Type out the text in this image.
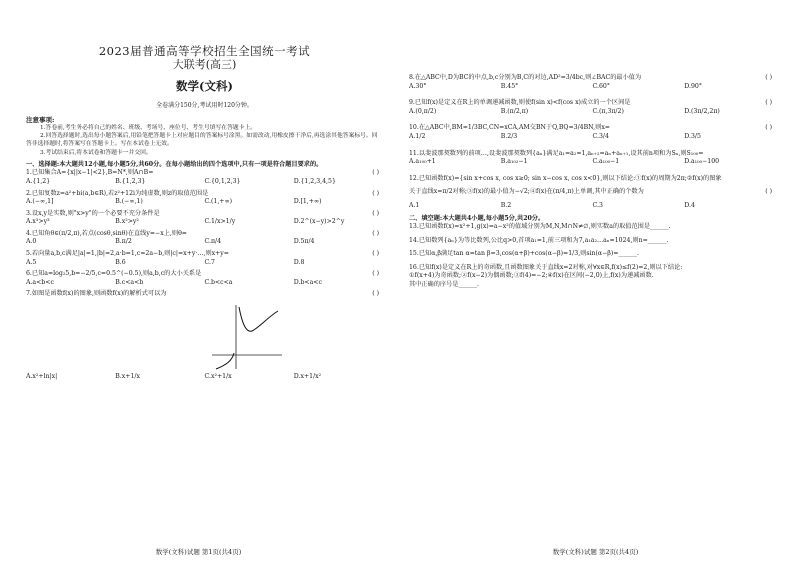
2023届普通高等学校招生全国统一考试
大联考(高三)
数学(文科)
全卷满分150分,考试用时120分钟。
注意事项:
1.答卷前,考生务必将自己的姓名、班级、考场号、座位号、考生号填写在答题卡上。
2.回答选择题时,选出每小题答案后,用铅笔把答题卡上对应题目的答案标号涂黑。如需改动,用橡皮擦干净后,再选涂其他答案标号。回答非选择题时,将答案写在答题卡上。写在本试卷上无效。
3.考试结束后,将本试卷和答题卡一并交回。
一、选择题:本大题共12小题,每小题5分,共60分。在每小题给出的四个选项中,只有一项是符合题目要求的。
1.已知集合A={x||x−1|<2},B=N*,则A∩B=	( )
A.{1,2}	B.{1,2,3}	C.{0,1,2,3}	D.{1,2,3,4,5}
2.已知复数z=a²+bi(a,b∈R),若z²+12i为纯虚数,则z的取值范围是	( )
A.(−∞,1]	B.(−∞,1)	C.(1,+∞)	D.[1,+∞)
3.设x,y是实数,则"x>y"的一个必要不充分条件是	( )
A.x³>y³	B.x²>y²	C.1/x>1/y	D.2^(x−y)>2^y
4.已知角θ∈(π/2,π),若点(cosθ,sinθ)在直线y=−x上,则θ=	( )
A.0	B.π/2	C.π/4	D.5π/4
5.若向量a,b,c满足|a|=1,|b|=2,a·b=1,c=2a−b,则|c|=x+y·…,则x+y=	( )
A.5	B.6	C.7	D.8
6.已知a=log₂5,b=−2/5,c=0.5^(−0.5),则a,b,c的大小关系是	( )
A.a<b<c	B.c<a<b	C.b<c<a	D.b<a<c
7.如图是函数f(x)的图象,则函数f(x)的解析式可以为	( )
A.x²+ln|x|	B.x+1/x	C.x²+1/x	D.x+1/x²
数学(文科)试题 第1页(共4页)
8.在△ABC中,D为BC的中点,b,c分别为B,C的对边,AD²=3/4bc,则∠BAC的最小值为	( )
A.30°	B.45°	C.60°	D.90°
9.已知f(x)是定义在R上的单调递减函数,则使f(sin x)<f(cos x)成立的一个区间是	( )
A.(0,π/2)	B.(π/2,π)	C.(π,3π/2)	D.(3π/2,2π)
10.在△ABC中,BM=1/3BC,CN=xCA,AM交BN于Q,BQ=3/4BN,则x=	( )
A.1/2	B.2/3	C.3/4	D.3/5
11.以斐波那契数列的前项…,设斐波那契数列{aₙ}满足a₁=a₂=1,aₙ₊₂=aₙ+aₙ₊₁,设其前n项和为Sₙ,则S₁₀₀=
A.a₁₀₀+1	B.a₁₀₂−1	C.a₁₀₀−1	D.a₁₀₀−100
12.已知函数f(x)={sin x+cos x, cos x≥0; sin x−cos x, cos x<0},则以下结论:①f(x)的周期为2π;②f(x)的图象
关于直线x=π/2对称;③f(x)的最小值为−√2;④f(x)在(π/4,π)上单调,其中正确的个数为	( )
A.1	B.2	C.3	D.4
二、填空题:本大题共4小题,每小题5分,共20分。
13.已知函数f(x)=x²+1,g(x)=a−x²的值域分别为M,N,M∩N≠∅,则实数a的取值范围是______.
14.已知数列{aₙ}为等比数列,公比q>0,首项a₁=1,前三项和为7,a₁a₂…aₙ=1024,则n=______.
15.已知α,β满足tan α=tan β=3,cos(α+β)+cos(α−β)=1/3,则sin(α−β)=______.
16.已知f(x)是定义在R上的奇函数,且函数图象关于直线x=2对称,对∀x∈R,f(x)≤f(2)=2,则以下结论:
①f(x+4)为奇函数;②f(x−2)为偶函数;③f(4)=−2;④f(x)在区间(−2,0)上,f(x)为递减函数.
其中正确的序号是______.
数学(文科)试题 第2页(共4页)
